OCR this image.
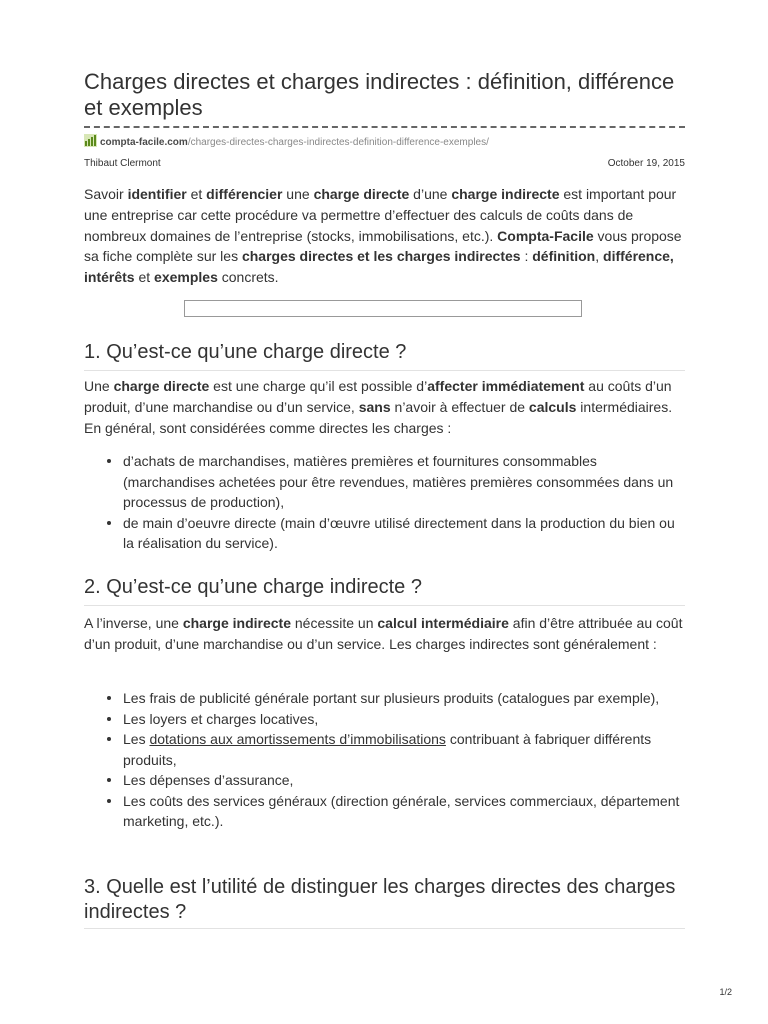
Charges directes et charges indirectes : définition, différence et exemples
compta-facile.com/charges-directes-charges-indirectes-definition-difference-exemples/
Thibaut Clermont	October 19, 2015

Savoir identifier et différencier une charge directe d’une charge indirecte est important pour une entreprise car cette procédure va permettre d’effectuer des calculs de coûts dans de nombreux domaines de l’entreprise (stocks, immobilisations, etc.). Compta-Facile vous propose sa fiche complète sur les charges directes et les charges indirectes : définition, différence, intérêts et exemples concrets.

1. Qu’est-ce qu’une charge directe ?

Une charge directe est une charge qu’il est possible d’affecter immédiatement au coûts d’un produit, d’une marchandise ou d’un service, sans n’avoir à effectuer de calculs intermédiaires. En général, sont considérées comme directes les charges :

d’achats de marchandises, matières premières et fournitures consommables (marchandises achetées pour être revendues, matières premières consommées dans un processus de production),
de main d’oeuvre directe (main d’œuvre utilisé directement dans la production du bien ou la réalisation du service).
2. Qu’est-ce qu’une charge indirecte ?

A l’inverse, une charge indirecte nécessite un calcul intermédiaire afin d’être attribuée au coût d’un produit, d’une marchandise ou d’un service. Les charges indirectes sont généralement :

Les frais de publicité générale portant sur plusieurs produits (catalogues par exemple),
Les loyers et charges locatives,
Les dotations aux amortissements d’immobilisations contribuant à fabriquer différents produits,
Les dépenses d’assurance,
Les coûts des services généraux (direction générale, services commerciaux, département marketing, etc.).
3. Quelle est l’utilité de distinguer les charges directes des charges indirectes ?
1/2
